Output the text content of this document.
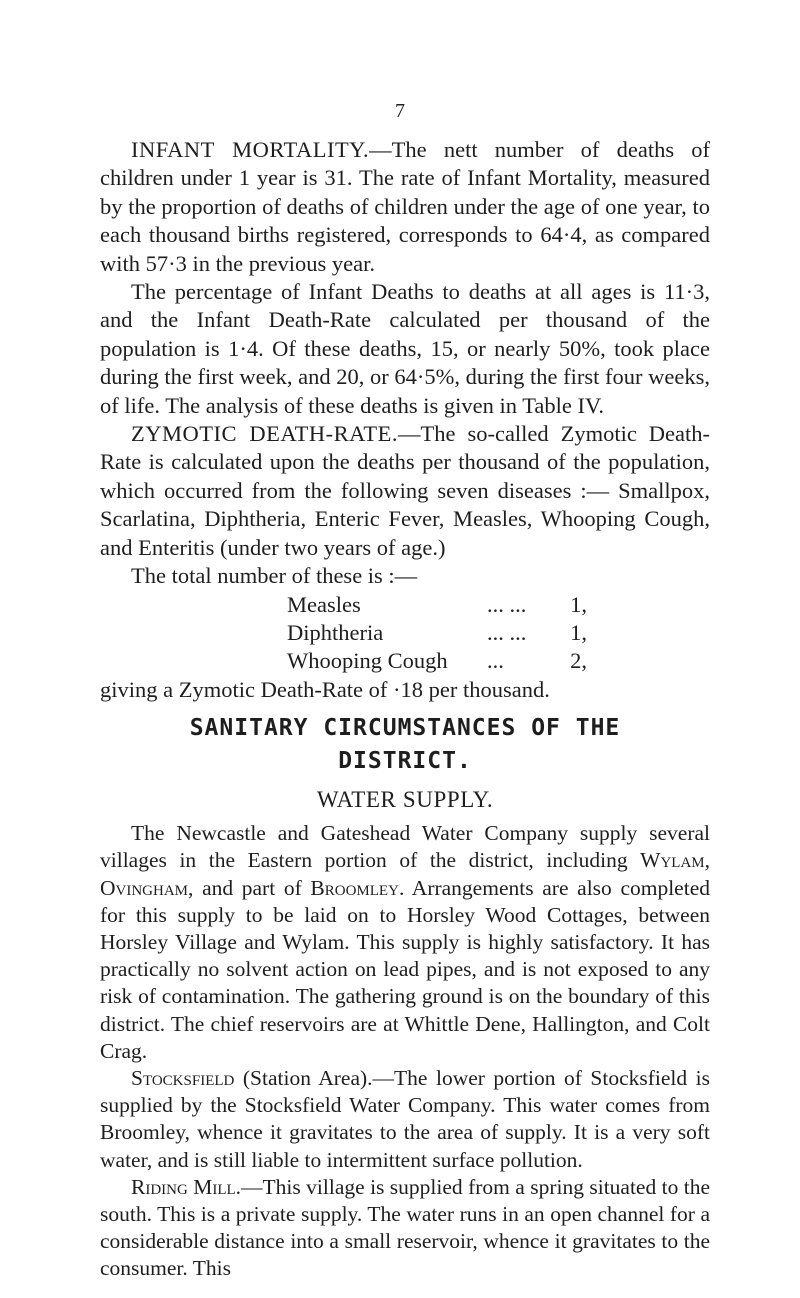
7

INFANT MORTALITY.—The nett number of deaths of children under 1 year is 31. The rate of Infant Mortality, measured by the proportion of deaths of children under the age of one year, to each thousand births registered, corresponds to 64·4, as compared with 57·3 in the previous year.

The percentage of Infant Deaths to deaths at all ages is 11·3, and the Infant Death-Rate calculated per thousand of the population is 1·4. Of these deaths, 15, or nearly 50%, took place during the first week, and 20, or 64·5%, during the first four weeks, of life. The analysis of these deaths is given in Table IV.

ZYMOTIC DEATH-RATE.—The so-called Zymotic Death-Rate is calculated upon the deaths per thousand of the population, which occurred from the following seven diseases :— Smallpox, Scarlatina, Diphtheria, Enteric Fever, Measles, Whooping Cough, and Enteritis (under two years of age.)

The total number of these is :—

Measles	... ...	1,
Diphtheria	... ...	1,
Whooping Cough	...	2,

giving a Zymotic Death-Rate of ·18 per thousand.

SANITARY CIRCUMSTANCES OF THE
DISTRICT.
WATER SUPPLY.

The Newcastle and Gateshead Water Company supply several villages in the Eastern portion of the district, including Wylam, Ovingham, and part of Broomley. Arrangements are also completed for this supply to be laid on to Horsley Wood Cottages, between Horsley Village and Wylam. This supply is highly satisfactory. It has practically no solvent action on lead pipes, and is not exposed to any risk of contamination. The gathering ground is on the boundary of this district. The chief reservoirs are at Whittle Dene, Hallington, and Colt Crag.

Stocksfield (Station Area).—The lower portion of Stocksfield is supplied by the Stocksfield Water Company. This water comes from Broomley, whence it gravitates to the area of supply. It is a very soft water, and is still liable to intermittent surface pollution.

Riding Mill.—This village is supplied from a spring situated to the south. This is a private supply. The water runs in an open channel for a considerable distance into a small reservoir, whence it gravitates to the consumer. This
